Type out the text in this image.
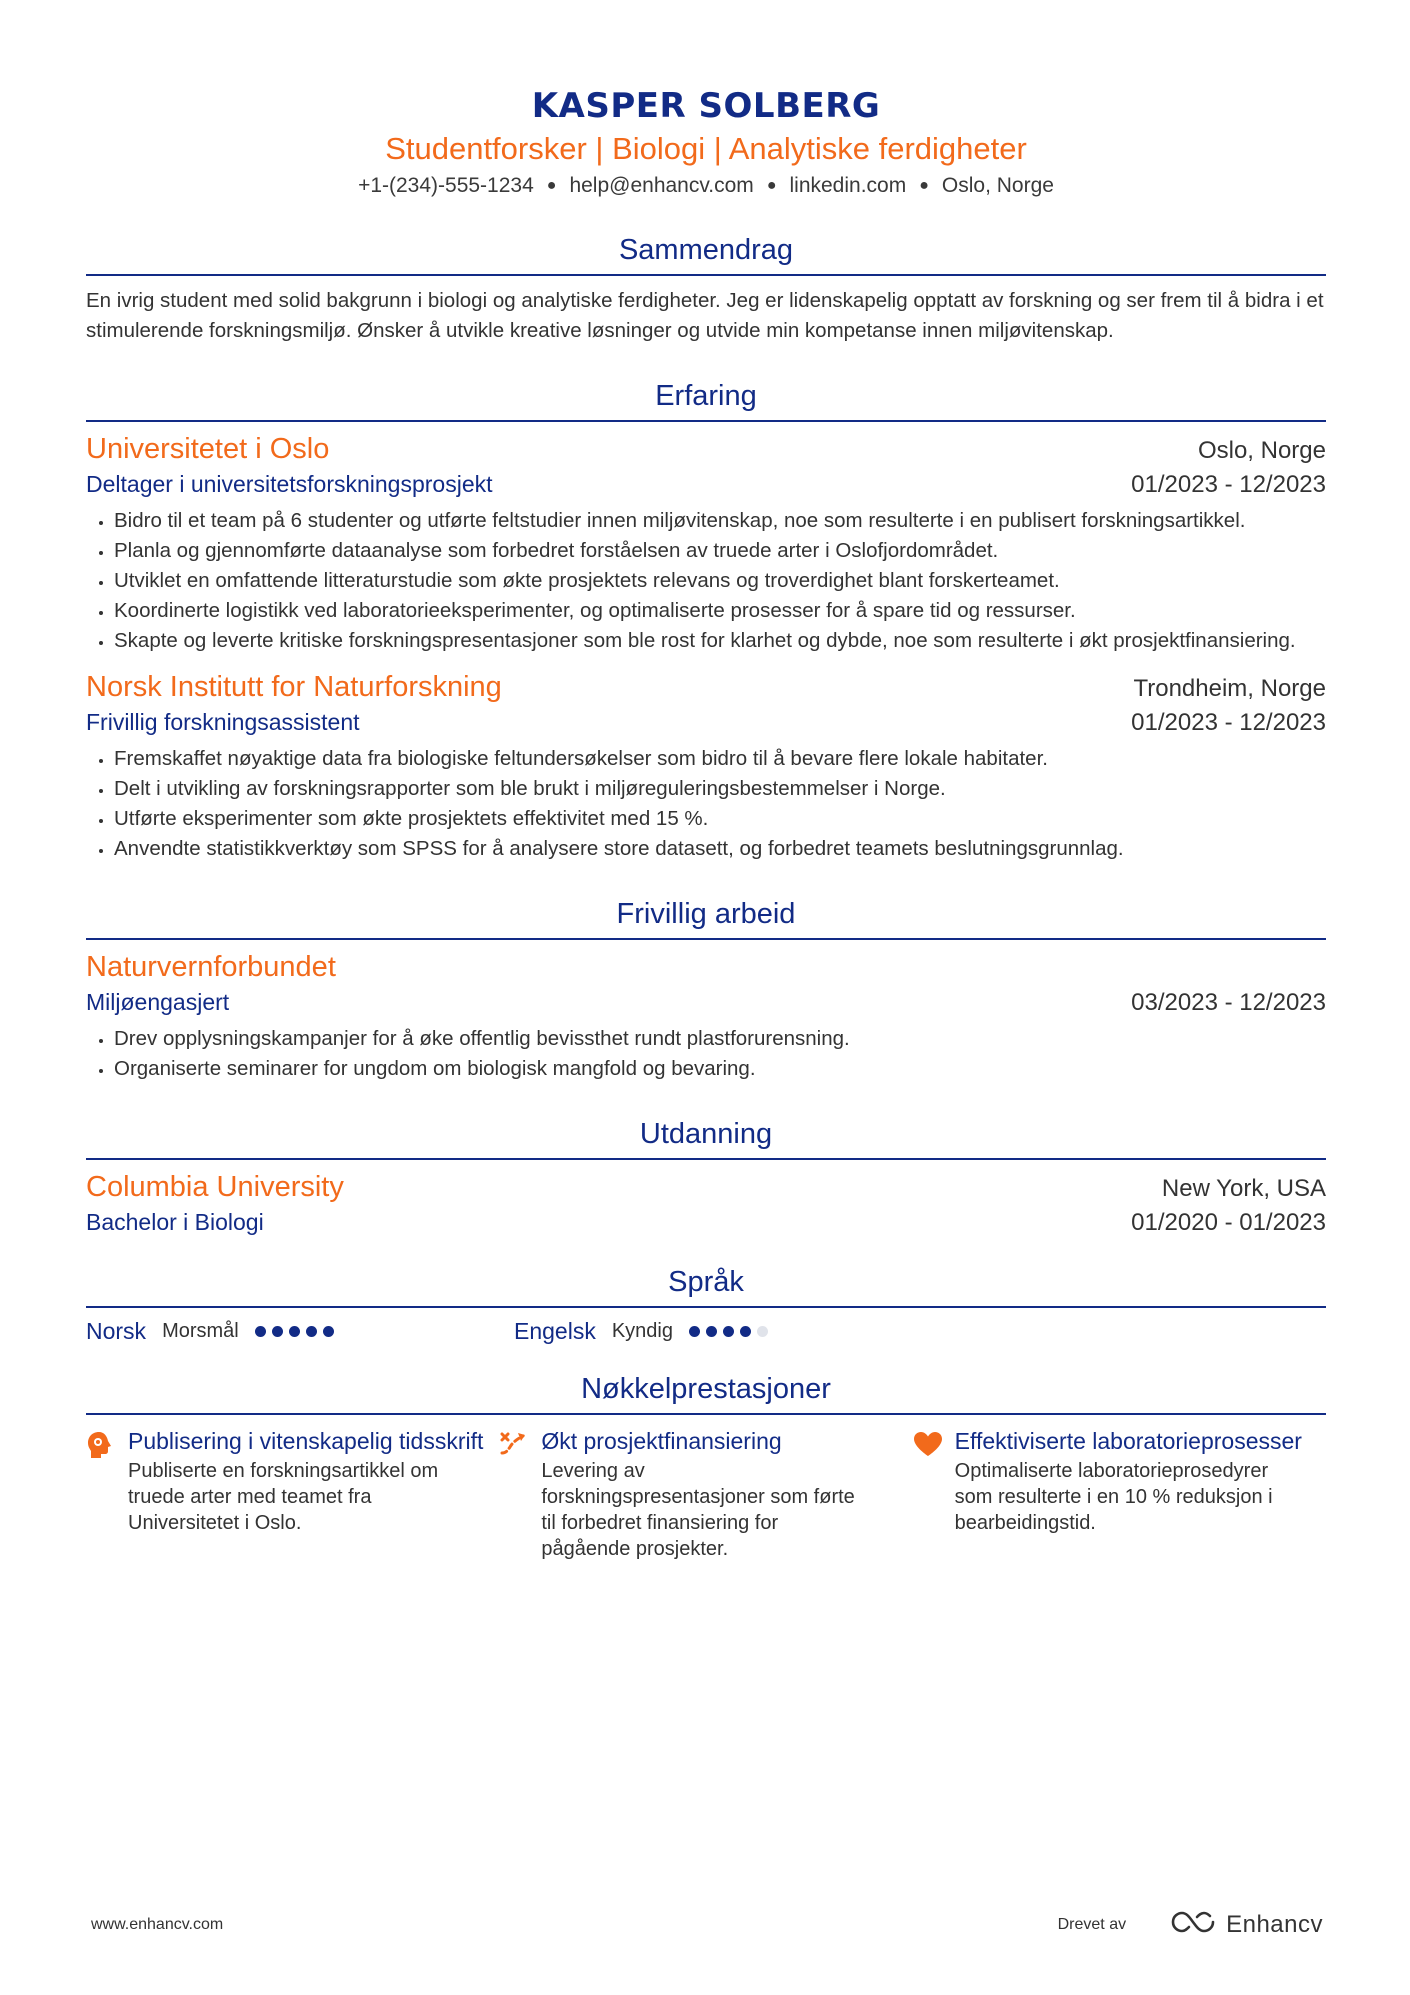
KASPER SOLBERG
Studentforsker | Biologi | Analytiske ferdigheter
+1-(234)-555-1234 ● help@enhancv.com ● linkedin.com ● Oslo, Norge
Sammendrag
En ivrig student med solid bakgrunn i biologi og analytiske ferdigheter. Jeg er lidenskapelig opptatt av forskning og ser frem til å bidra i et stimulerende forskningsmiljø. Ønsker å utvikle kreative løsninger og utvide min kompetanse innen miljøvitenskap.
Erfaring
Universitetet i Oslo	Oslo, Norge
Deltager i universitetsforskningsprosjekt	01/2023 - 12/2023
• Bidro til et team på 6 studenter og utførte feltstudier innen miljøvitenskap, noe som resulterte i en publisert forskningsartikkel.
• Planla og gjennomførte dataanalyse som forbedret forståelsen av truede arter i Oslofjordområdet.
• Utviklet en omfattende litteraturstudie som økte prosjektets relevans og troverdighet blant forskerteamet.
• Koordinerte logistikk ved laboratorieeksperimenter, og optimaliserte prosesser for å spare tid og ressurser.
• Skapte og leverte kritiske forskningspresentasjoner som ble rost for klarhet og dybde, noe som resulterte i økt prosjektfinansiering.
Norsk Institutt for Naturforskning	Trondheim, Norge
Frivillig forskningsassistent	01/2023 - 12/2023
• Fremskaffet nøyaktige data fra biologiske feltundersøkelser som bidro til å bevare flere lokale habitater.
• Delt i utvikling av forskningsrapporter som ble brukt i miljøreguleringsbestemmelser i Norge.
• Utførte eksperimenter som økte prosjektets effektivitet med 15 %.
• Anvendte statistikkverktøy som SPSS for å analysere store datasett, og forbedret teamets beslutningsgrunnlag.
Frivillig arbeid
Naturvernforbundet
Miljøengasjert	03/2023 - 12/2023
• Drev opplysningskampanjer for å øke offentlig bevissthet rundt plastforurensning.
• Organiserte seminarer for ungdom om biologisk mangfold og bevaring.
Utdanning
Columbia University	New York, USA
Bachelor i Biologi	01/2020 - 01/2023
Språk
Norsk Morsmål	Engelsk Kyndig
Nøkkelprestasjoner
Publisering i vitenskapelig tidsskrift
Publiserte en forskningsartikkel om truede arter med teamet fra Universitetet i Oslo.
Økt prosjektfinansiering
Levering av forskningspresentasjoner som førte til forbedret finansiering for pågående prosjekter.
Effektiviserte laboratorieprosesser
Optimaliserte laboratorieprosedyrer som resulterte i en 10 % reduksjon i bearbeidingstid.
www.enhancv.com	Drevet av	Enhancv
